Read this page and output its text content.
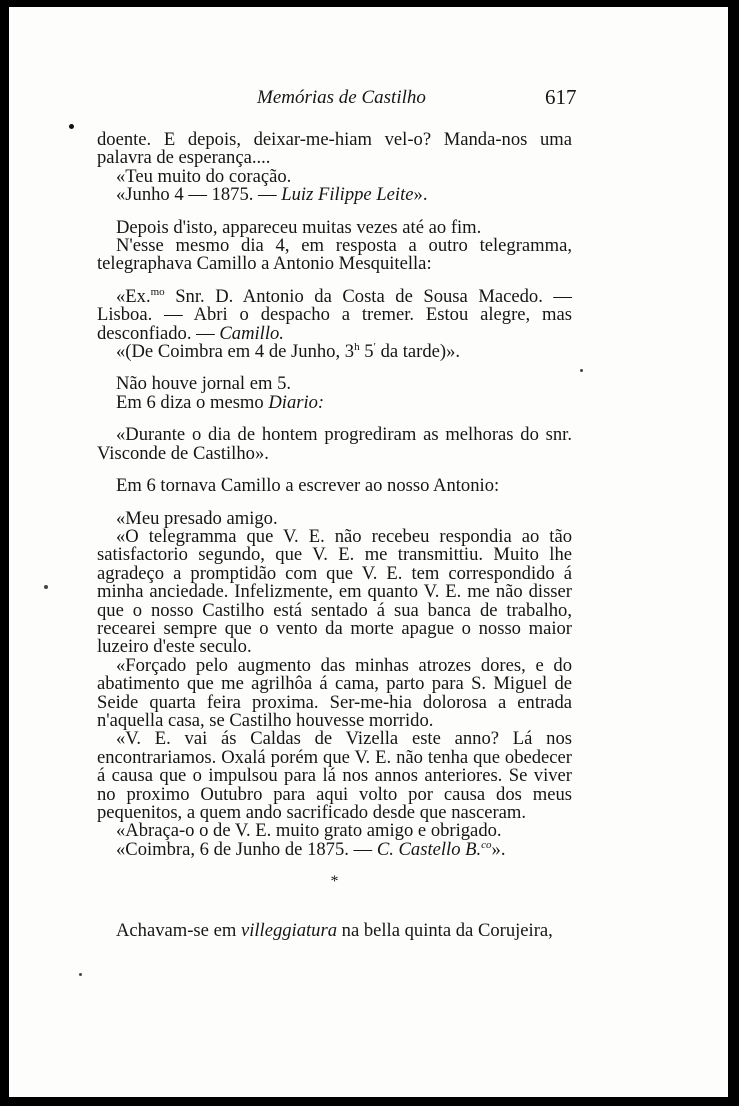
Memórias de Castilho	617

doente. E depois, deixar-me-hiam vel-o? Manda-nos uma palavra de esperança....

«Teu muito do coração.

«Junho 4 — 1875. — Luiz Filippe Leite».

Depois d'isto, appareceu muitas vezes até ao fim.

N'esse mesmo dia 4, em resposta a outro telegramma, telegraphava Camillo a Antonio Mesquitella:

«Ex.$^{mo}$ Snr. D. Antonio da Costa de Sousa Macedo. — Lisboa. — Abri o despacho a tremer. Estou alegre, mas desconfiado. — Camillo.

«(De Coimbra em 4 de Junho, 3$^h$ 5′ da tarde)».

Não houve jornal em 5.

Em 6 diza o mesmo Diario:

«Durante o dia de hontem progrediram as melhoras do snr. Visconde de Castilho».

Em 6 tornava Camillo a escrever ao nosso Antonio:

«Meu presado amigo.

«O telegramma que V. E. não recebeu respondia ao tão satisfactorio segundo, que V. E. me transmittiu. Muito lhe agradeço a promptidão com que V. E. tem correspondido á minha anciedade. Infelizmente, em quanto V. E. me não disser que o nosso Castilho está sentado á sua banca de trabalho, recearei sempre que o vento da morte apague o nosso maior luzeiro d'este seculo.

«Forçado pelo augmento das minhas atrozes dores, e do abatimento que me agrilhôa á cama, parto para S. Miguel de Seide quarta feira proxima. Ser-me-hia dolorosa a entrada n'aquella casa, se Castilho houvesse morrido.

«V. E. vai ás Caldas de Vizella este anno? Lá nos encontrariamos. Oxalá porém que V. E. não tenha que obedecer á causa que o impulsou para lá nos annos anteriores. Se viver no proximo Outubro para aqui volto por causa dos meus pequenitos, a quem ando sacrificado desde que nasceram.

«Abraça-o o de V. E. muito grato amigo e obrigado.

«Coimbra, 6 de Junho de 1875. — C. Castello B.$^{co}$».

*

Achavam-se em villeggiatura na bella quinta da Corujeira,
